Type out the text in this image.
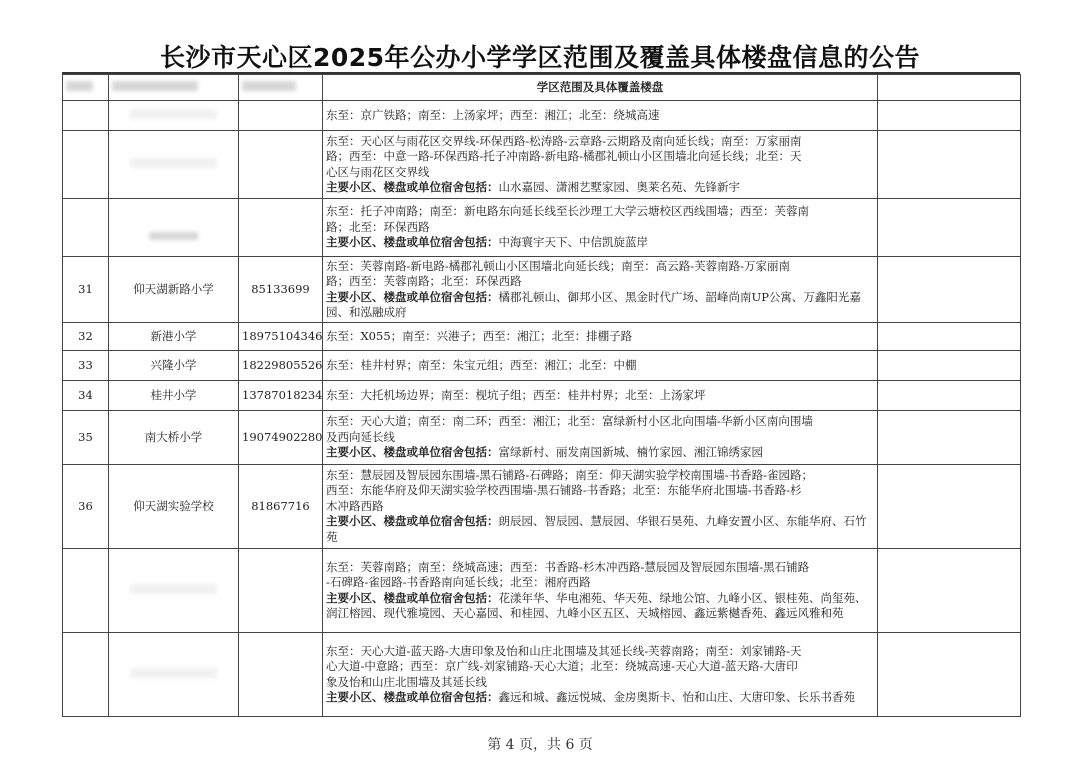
长沙市天心区2025年公办小学学区范围及覆盖具体楼盘信息的公告
			学区范围及具体覆盖楼盘	

			东至：京广铁路；南至：上汤家坪；西至：湘江；北至：绕城高速	

			东至：天心区与雨花区交界线-环保西路-松涛路-云章路-云期路及南向延长线；南至：万家丽南
路；西至：中意一路-环保西路-托子冲南路-新电路-橘郡礼顿山小区围墙北向延长线；北至：天
心区与雨花区交界线
主要小区、楼盘或单位宿舍包括：山水嘉园、潇湘艺墅家园、奥莱名苑、先锋新宇	

			东至：托子冲南路；南至：新电路东向延长线至长沙理工大学云塘校区西线围墙；西至：芙蓉南
路；北至：环保西路
主要小区、楼盘或单位宿舍包括：中海寰宇天下、中信凯旋蓝岸	

31	仰天湖新路小学	85133699	东至：芙蓉南路-新电路-橘郡礼顿山小区围墙北向延长线；南至：高云路-芙蓉南路-万家丽南
路；西至：芙蓉南路；北至：环保西路
主要小区、楼盘或单位宿舍包括：橘郡礼顿山、御邦小区、黑金时代广场、韶峰尚南UP公寓、万鑫阳光嘉园、和泓融成府	

32	新港小学	18975104346	东至：X055；南至：兴港子；西至：湘江；北至：排棚子路	

33	兴隆小学	18229805526	东至：桂井村界；南至：朱宝元组；西至：湘江；北至：中棚	

34	桂井小学	13787018234	东至：大托机场边界；南至：枧坑子组；西至：桂井村界；北至：上汤家坪	

35	南大桥小学	19074902280	东至：天心大道；南至：南二环；西至：湘江；北至：富绿新村小区北向围墙-华新小区南向围墙
及西向延长线
主要小区、楼盘或单位宿舍包括：富绿新村、丽发南国新城、楠竹家园、湘江锦绣家园	

36	仰天湖实验学校	81867716	东至：慧辰园及智辰园东围墙-黑石铺路-石碑路；南至：仰天湖实验学校南围墙-书香路-雀园路；
西至：东能华府及仰天湖实验学校西围墙-黑石铺路-书香路；北至：东能华府北围墙-书香路-杉
木冲路西路
主要小区、楼盘或单位宿舍包括：朗辰园、智辰园、慧辰园、华银石昊苑、九峰安置小区、东能华府、石竹苑	

			东至：芙蓉南路；南至：绕城高速；西至：书香路-杉木冲西路-慧辰园及智辰园东围墙-黑石铺路
-石碑路-雀园路-书香路南向延长线；北至：湘府西路
主要小区、楼盘或单位宿舍包括：花漾年华、华电湘苑、华天苑、绿地公馆、九峰小区、银桂苑、尚玺苑、润江榕园、现代雅境园、天心嘉园、和桂园、九峰小区五区、天城榕园、鑫远紫樾香苑、鑫远风雅和苑	

			东至：天心大道-蓝天路-大唐印象及怡和山庄北围墙及其延长线-芙蓉南路；南至：刘家铺路-天
心大道-中意路；西至：京广线-刘家铺路-天心大道；北至：绕城高速-天心大道-蓝天路-大唐印
象及怡和山庄北围墙及其延长线
主要小区、楼盘或单位宿舍包括：鑫远和城、鑫远悦城、金房奥斯卡、怡和山庄、大唐印象、长乐书香苑	

第 4 页，共 6 页
